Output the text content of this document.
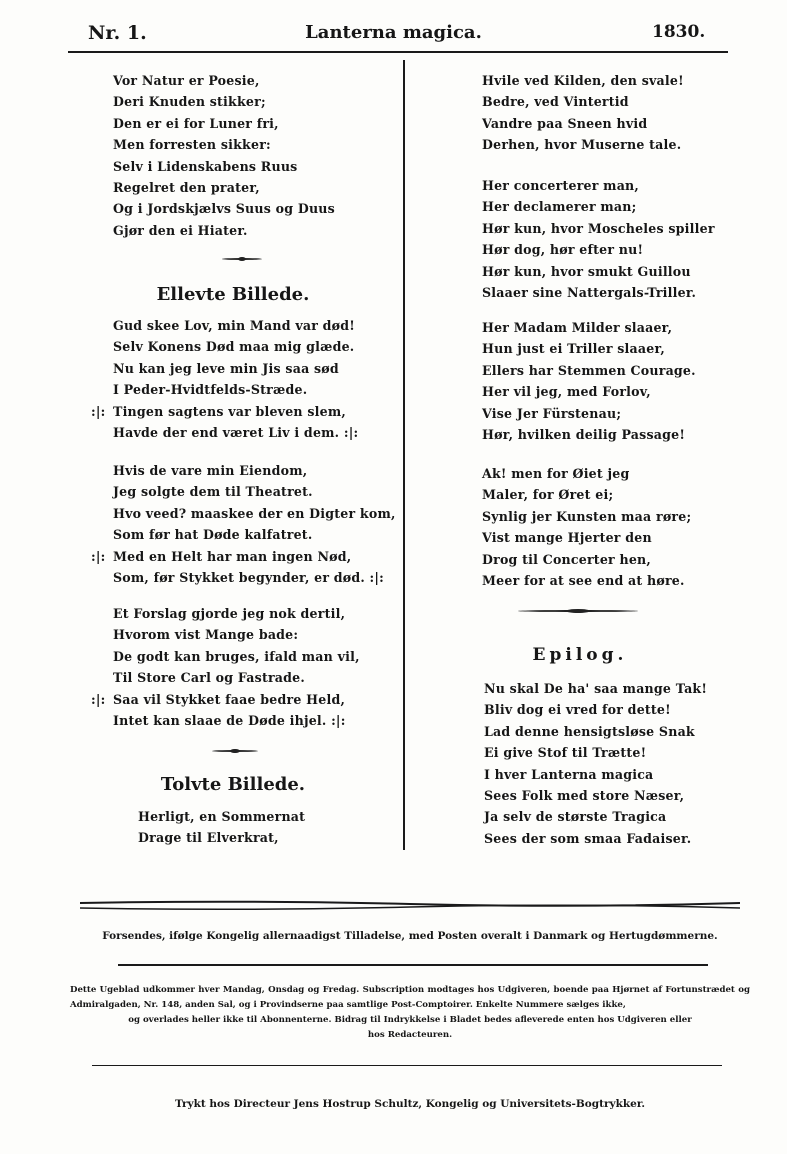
Nr. 1.	Lanterna magica.	1830.
Vor Natur er Poesie,
Deri Knuden stikker;
Den er ei for Luner fri,
Men forresten sikker:
Selv i Lidenskabens Ruus
Regelret den prater,
Og i Jordskjælvs Suus og Duus
Gjør den ei Hiater.
Ellevte Billede.
Gud skee Lov, min Mand var død!
Selv Konens Død maa mig glæde.
Nu kan jeg leve min Jis saa sød
I Peder-Hvidtfelds-Stræde.
:|: Tingen sagtens var bleven slem,
Havde der end været Liv i dem. :|:
Hvis de vare min Eiendom,
Jeg solgte dem til Theatret.
Hvo veed? maaskee der en Digter kom,
Som før hat Døde kalfatret.
:|: Med en Helt har man ingen Nød,
Som, før Stykket begynder, er død. :|:
Et Forslag gjorde jeg nok dertil,
Hvorom vist Mange bade:
De godt kan bruges, ifald man vil,
Til Store Carl og Fastrade.
:|: Saa vil Stykket faae bedre Held,
Intet kan slaae de Døde ihjel. :|:
Tolvte Billede.
Herligt, en Sommernat
Drage til Elverkrat,
Hvile ved Kilden, den svale!
Bedre, ved Vintertid
Vandre paa Sneen hvid
Derhen, hvor Muserne tale.
Her concerterer man,
Her declamerer man;
Hør kun, hvor Moscheles spiller
Hør dog, hør efter nu!
Hør kun, hvor smukt Guillou
Slaaer sine Nattergals-Triller.
Her Madam Milder slaaer,
Hun just ei Triller slaaer,
Ellers har Stemmen Courage.
Her vil jeg, med Forlov,
Vise Jer Fürstenau;
Hør, hvilken deilig Passage!
Ak! men for Øiet jeg
Maler, for Øret ei;
Synlig jer Kunsten maa røre;
Vist mange Hjerter den
Drog til Concerter hen,
Meer for at see end at høre.
Epilog.
Nu skal De ha' saa mange Tak!
Bliv dog ei vred for dette!
Lad denne hensigtsløse Snak
Ei give Stof til Trætte!
I hver Lanterna magica
Sees Folk med store Næser,
Ja selv de største Tragica
Sees der som smaa Fadaiser.
Forsendes, ifølge Kongelig allernaadigst Tilladelse, med Posten overalt i Danmark og Hertugdømmerne.
Dette Ugeblad udkommer hver Mandag, Onsdag og Fredag. Subscription modtages hos Udgiveren, boende paa Hjørnet af Fortunstrædet og Admiralgaden, Nr. 148, anden Sal, og i Provindserne paa samtlige Post-Comptoirer. Enkelte Nummere sælges ikke,
og overlades heller ikke til Abonnenterne. Bidrag til Indrykkelse i Bladet bedes afleverede enten hos Udgiveren eller
hos Redacteuren.
Trykt hos Directeur Jens Hostrup Schultz, Kongelig og Universitets-Bogtrykker.
